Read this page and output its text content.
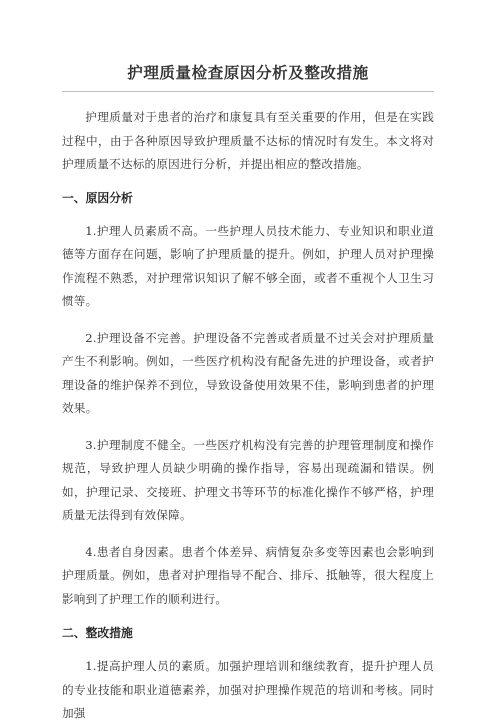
护理质量检查原因分析及整改措施

护理质量对于患者的治疗和康复具有至关重要的作用，但是在实践过程中，由于各种原因导致护理质量不达标的情况时有发生。本文将对护理质量不达标的原因进行分析，并提出相应的整改措施。

一、原因分析

1.护理人员素质不高。一些护理人员技术能力、专业知识和职业道德等方面存在问题，影响了护理质量的提升。例如，护理人员对护理操作流程不熟悉，对护理常识知识了解不够全面，或者不重视个人卫生习惯等。

2.护理设备不完善。护理设备不完善或者质量不过关会对护理质量产生不利影响。例如，一些医疗机构没有配备先进的护理设备，或者护理设备的维护保养不到位，导致设备使用效果不佳，影响到患者的护理效果。

3.护理制度不健全。一些医疗机构没有完善的护理管理制度和操作规范，导致护理人员缺少明确的操作指导，容易出现疏漏和错误。例如，护理记录、交接班、护理文书等环节的标准化操作不够严格，护理质量无法得到有效保障。

4.患者自身因素。患者个体差异、病情复杂多变等因素也会影响到护理质量。例如，患者对护理指导不配合、排斥、抵触等，很大程度上影响到了护理工作的顺利进行。

二、整改措施

1.提高护理人员的素质。加强护理培训和继续教育，提升护理人员的专业技能和职业道德素养，加强对护理操作规范的培训和考核。同时加强
